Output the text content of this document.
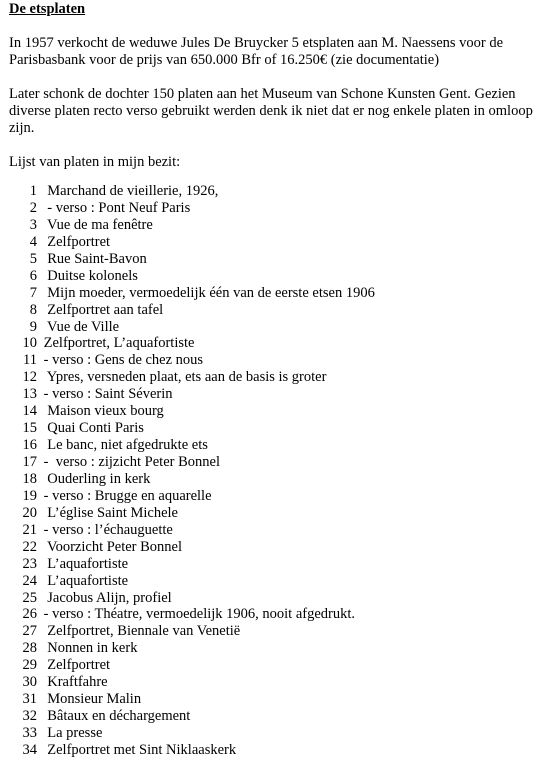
De etsplaten

In 1957 verkocht de weduwe Jules De Bruycker 5 etsplaten aan M. Naessens voor de Parisbasbank voor de prijs van 650.000 Bfr of 16.250€ (zie documentatie)

Later schonk de dochter 150 platen aan het Museum van Schone Kunsten Gent. Gezien diverse platen recto verso gebruikt werden denk ik niet dat er nog enkele platen in omloop zijn.

Lijst van platen in mijn bezit:

1  Marchand de vieillerie, 1926,
2  - verso : Pont Neuf Paris
3  Vue de ma fenêtre
4  Zelfportret
5  Rue Saint-Bavon
6  Duitse kolonels
7  Mijn moeder, vermoedelijk één van de eerste etsen 1906
8  Zelfportret aan tafel
9  Vue de Ville
10 Zelfportret, L’aquafortiste
11 - verso : Gens de chez nous
12  Ypres, versneden plaat, ets aan de basis is groter
13 - verso : Saint Séverin
14  Maison vieux bourg
15  Quai Conti Paris
16  Le banc, niet afgedrukte ets
17 -  verso : zijzicht Peter Bonnel
18  Ouderling in kerk
19 - verso : Brugge en aquarelle
20  L’église Saint Michele
21 - verso : l’échauguette
22  Voorzicht Peter Bonnel
23  L’aquafortiste
24  L’aquafortiste
25  Jacobus Alijn, profiel
26 - verso : Théatre, vermoedelijk 1906, nooit afgedrukt.
27  Zelfportret, Biennale van Venetië
28  Nonnen in kerk
29  Zelfportret
30  Kraftfahre
31  Monsieur Malin
32  Bâtaux en déchargement
33  La presse
34  Zelfportret met Sint Niklaaskerk
